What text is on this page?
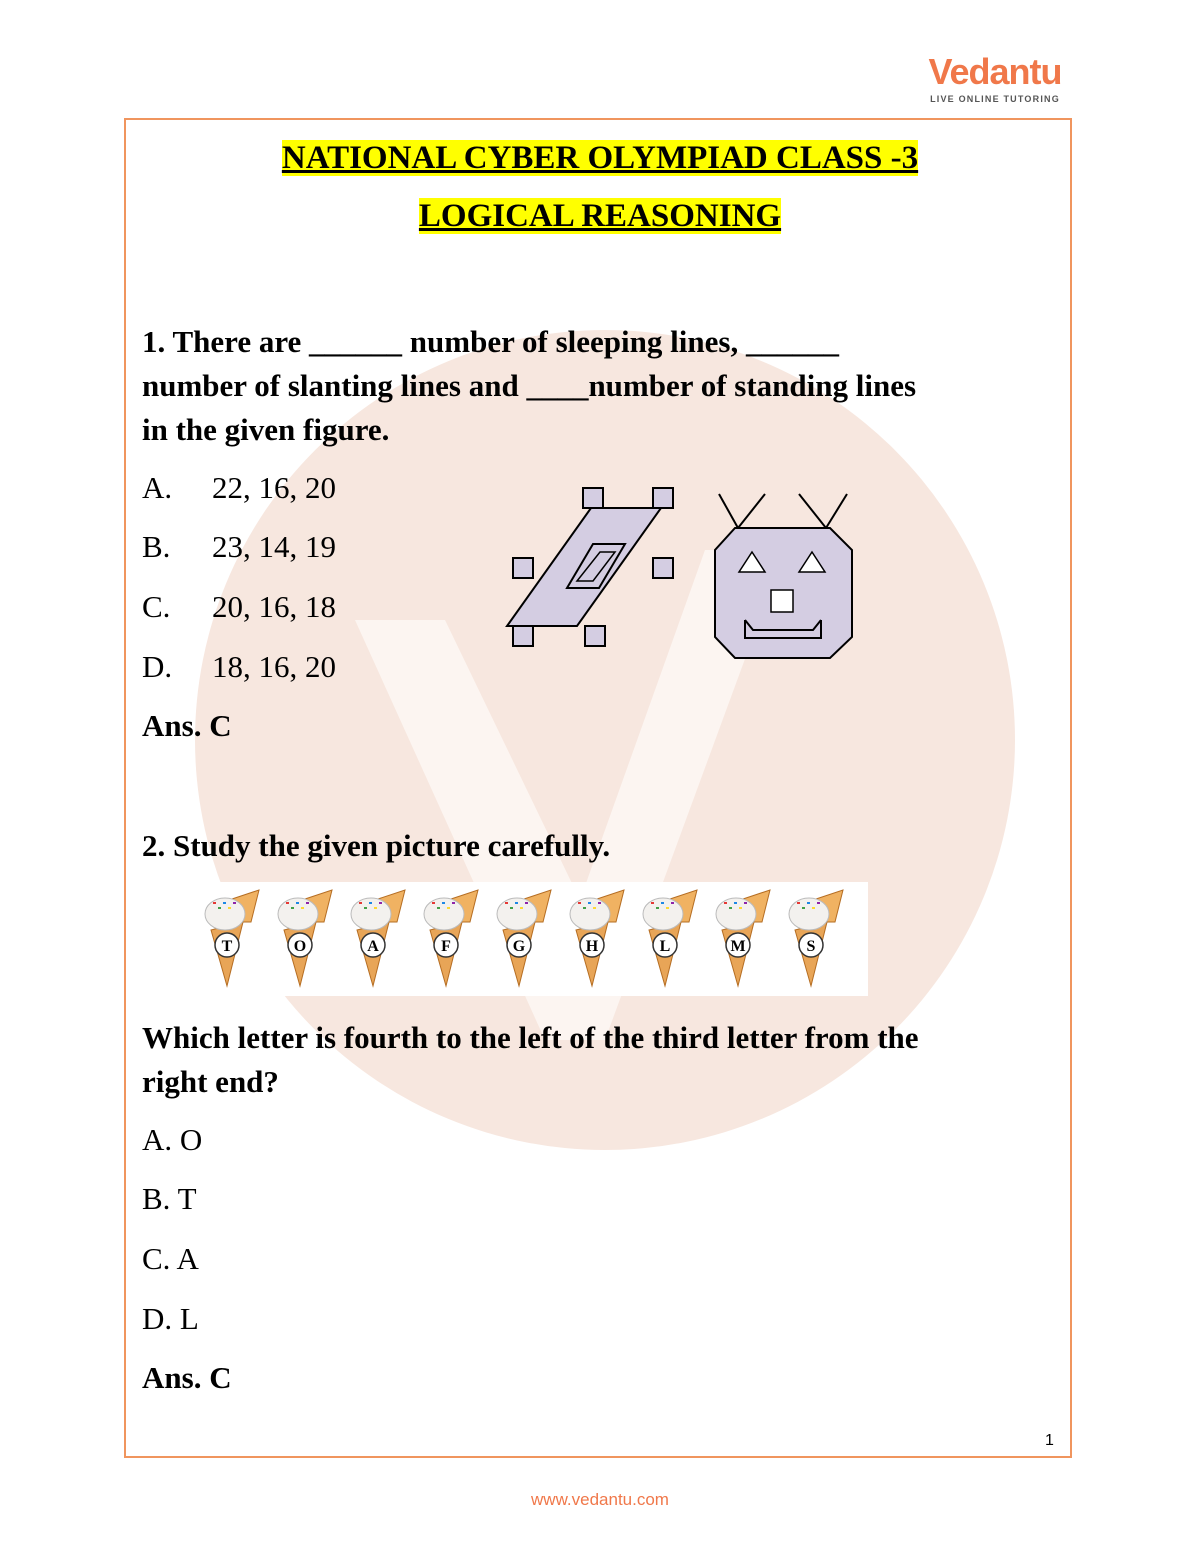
Vedantu
LIVE ONLINE TUTORING
NATIONAL CYBER OLYMPIAD CLASS -3
LOGICAL REASONING
1. There are ______ number of sleeping lines, ______
number of slanting lines and ____number of standing lines
in the given figure.
A. 22, 16, 20
B. 23, 14, 19
C. 20, 16, 18
D. 18, 16, 20
Ans. C
2. Study the given picture carefully.
T	O	A	F	G	H	L	M	S
Which letter is fourth to the left of the third letter from the
right end?
A. O
B. T
C. A
D. L
Ans. C
1
www.vedantu.com
